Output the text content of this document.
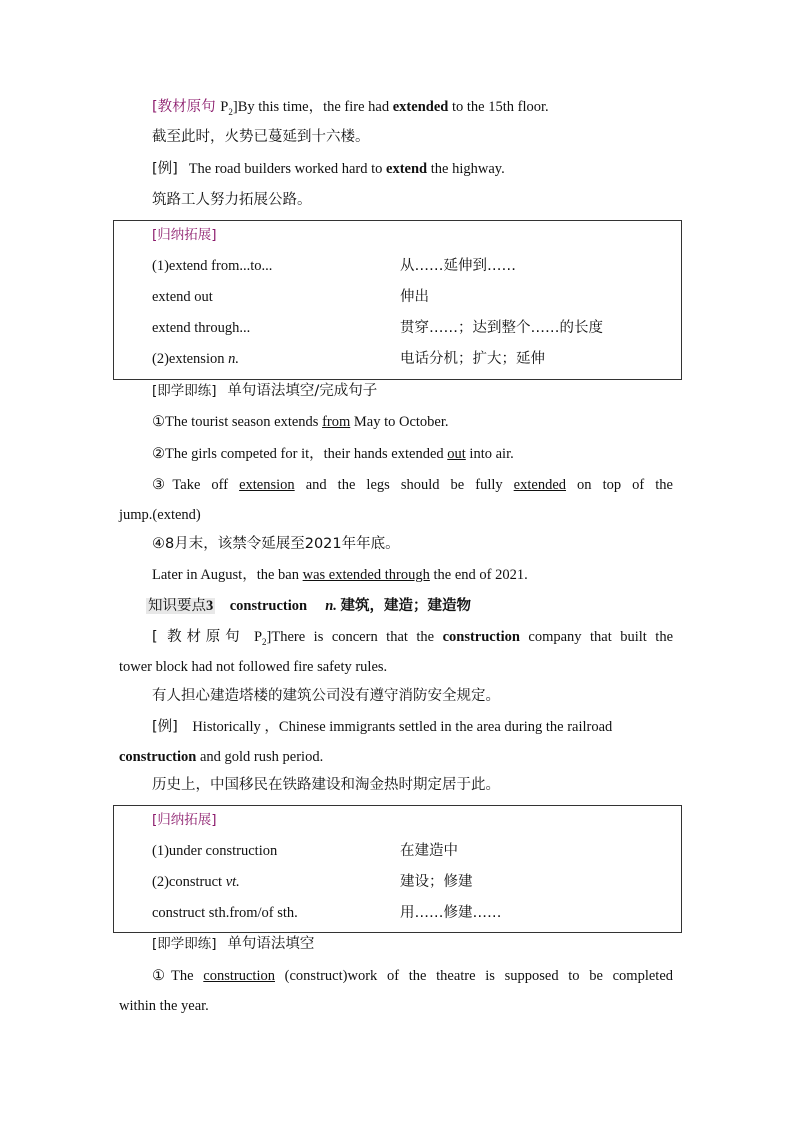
[教材原句 $P_2]By$ this time，the fire had extended to the 15th floor.
截至此时，火势已蔓延到十六楼。
[例] The road builders worked hard to extend the highway.
筑路工人努力拓展公路。
[归纳拓展]
(1)extend from...to...	从……延伸到……
extend out	伸出
extend through...	贯穿……；达到整个……的长度
(2)extension n.	电话分机；扩大；延伸
[即学即练] 单句语法填空/完成句子
①The tourist season extends from May to October.
②The girls competed for it，their hands extended out into air.
③Take off extension and the legs should be fully extended on top of the
jump.(extend)
④8月末，该禁令延展至2021年年底。
Later in August，the ban was extended through the end of 2021.
知识要点3 construction n. 建筑，建造；建造物
[ 教材原句 $P_2]There$ is concern that the construction company that built the
tower block had not followed fire safety rules.
有人担心建造塔楼的建筑公司没有遵守消防安全规定。
[例] Historically ，Chinese immigrants settled in the area during the railroad
construction and gold rush period.
历史上，中国移民在铁路建设和淘金热时期定居于此。
[归纳拓展]
(1)under construction	在建造中
(2)construct vt.	建设；修建
construct sth.from/of sth.	用……修建……
[即学即练] 单句语法填空
①The construction (construct)work of the theatre is supposed to be completed
within the year.
